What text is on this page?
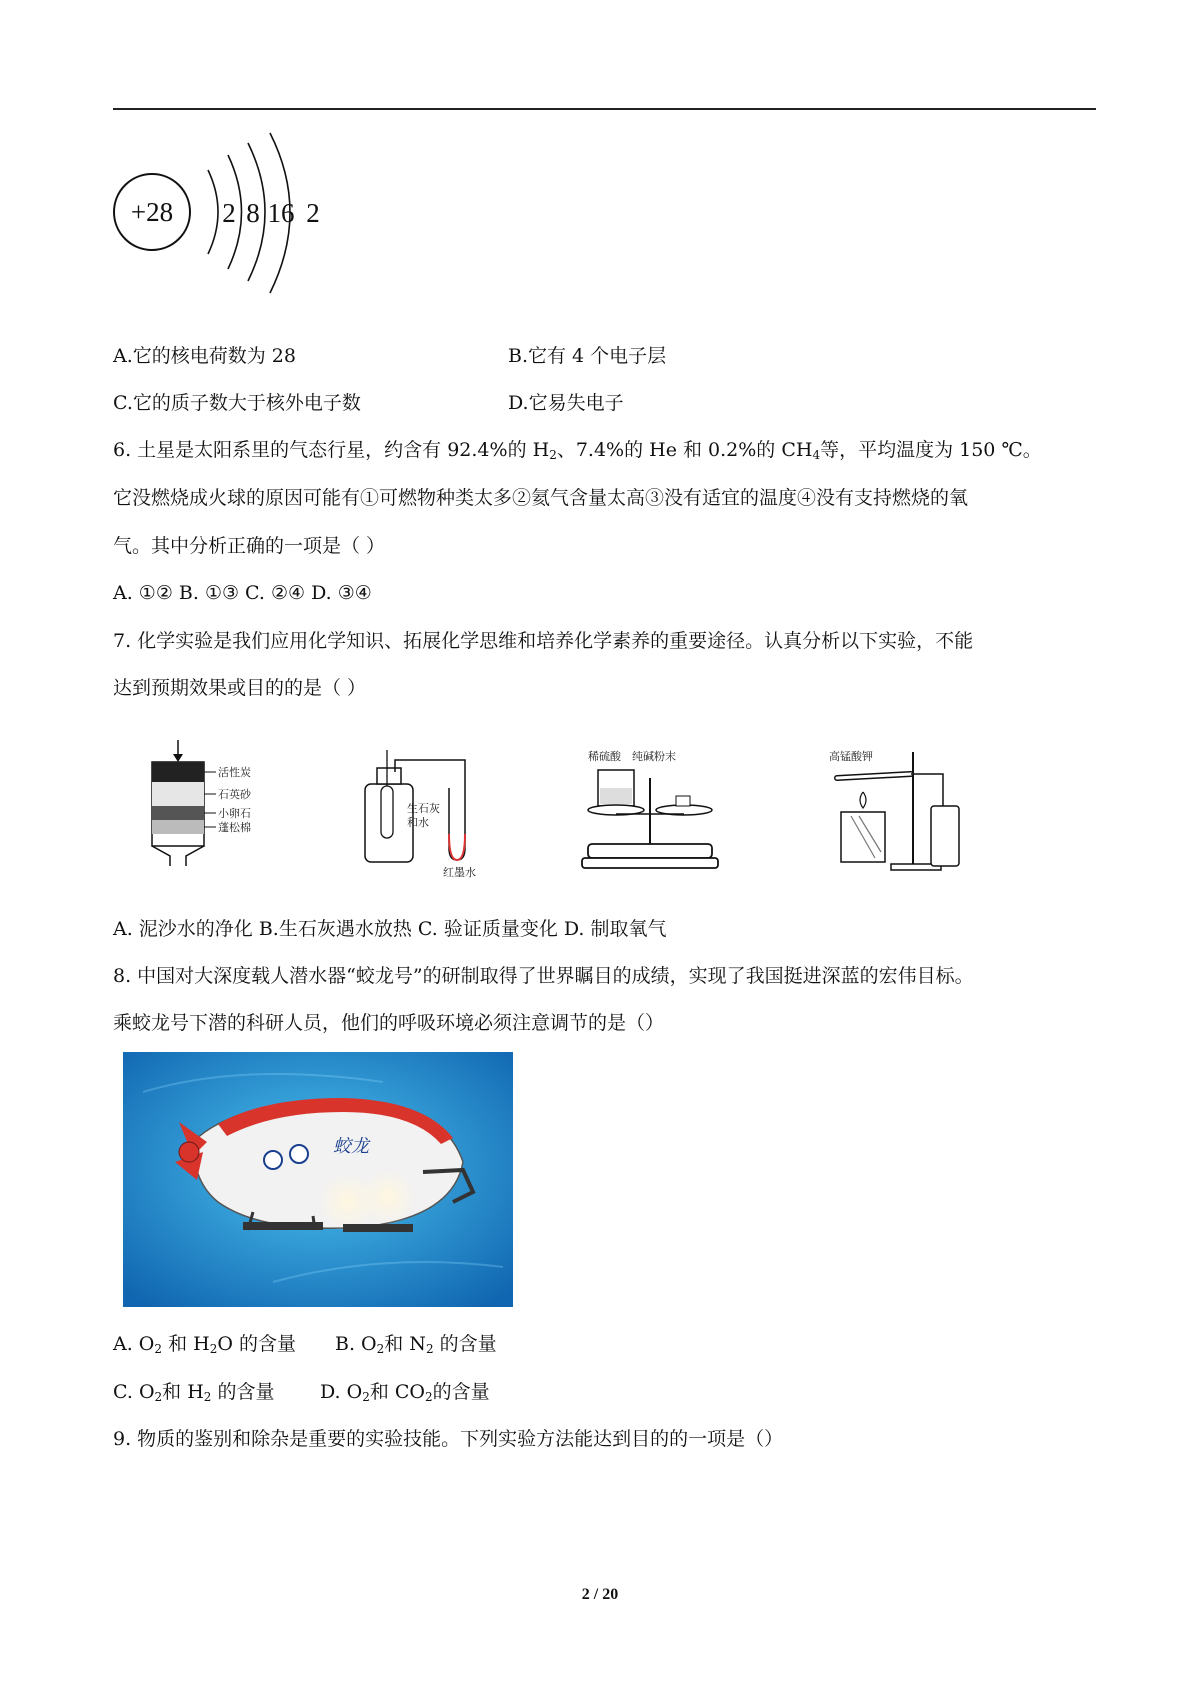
+28 2 8 16 2
A.它的核电荷数为 28	B.它有 4 个电子层
C.它的质子数大于核外电子数	D.它易失电子
6. 土星是太阳系里的气态行星，约含有 92.4%的 $H_2$、7.4%的 He 和 0.2%的 $CH_4$等，平均温度为 150 ℃。
它没燃烧成火球的原因可能有①可燃物种类太多②氦气含量太高③没有适宜的温度④没有支持燃烧的氧
气。其中分析正确的一项是（ ）
A. ①② B. ①③ C. ②④ D. ③④
7. 化学实验是我们应用化学知识、拓展化学思维和培养化学素养的重要途径。认真分析以下实验，不能
达到预期效果或目的的是（ ）
活性炭
石英砂
小卵石
蓬松棉
生石灰
和水
红墨水
稀硫酸 纯碱粉末	高锰酸钾
A. 泥沙水的净化 B.生石灰遇水放热 C. 验证质量变化 D. 制取氧气
8. 中国对大深度载人潜水器“蛟龙号”的研制取得了世界瞩目的成绩，实现了我国挺进深蓝的宏伟目标。
乘蛟龙号下潜的科研人员，他们的呼吸环境必须注意调节的是（）
蛟龙
A. $O_2$ 和 $H_2O$ 的含量 B. $O_2$和 $N_2$ 的含量
C. $O_2$和 $H_2$ 的含量 D. $O_2$和 $CO_2$的含量
9. 物质的鉴别和除杂是重要的实验技能。下列实验方法能达到目的的一项是（）
2 / 20
